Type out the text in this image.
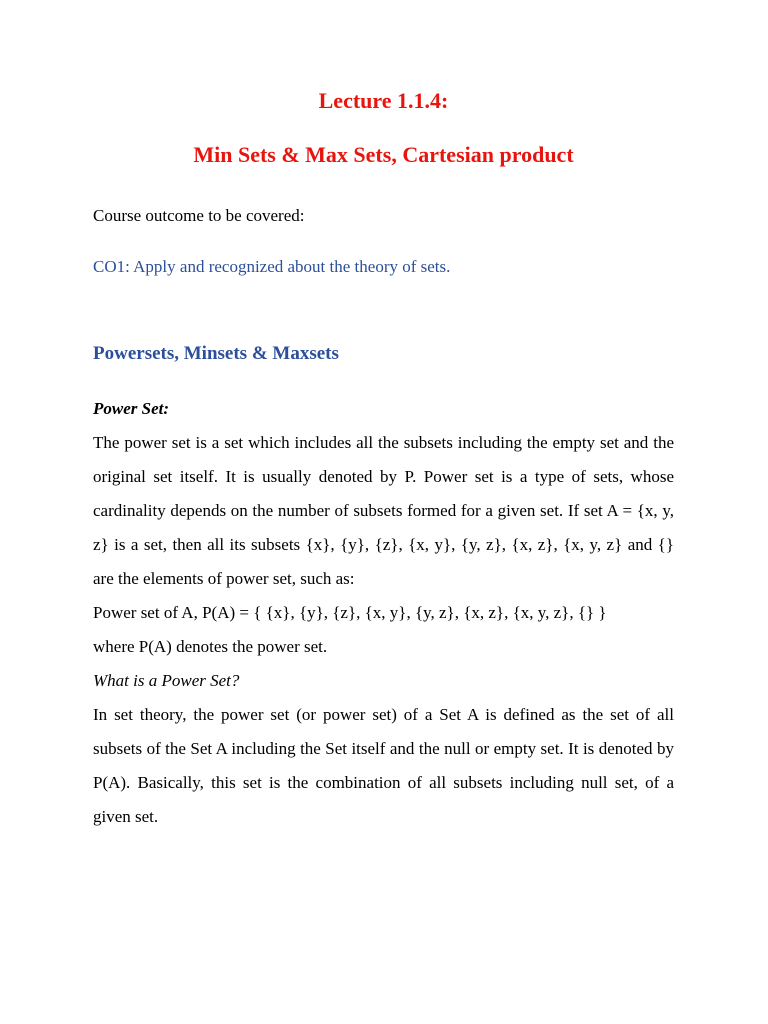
Lecture 1.1.4:

Min Sets & Max Sets, Cartesian product

Course outcome to be covered:

CO1: Apply and recognized about the theory of sets.

Powersets, Minsets & Maxsets

Power Set:

The power set is a set which includes all the subsets including the empty set and the original set itself. It is usually denoted by P. Power set is a type of sets, whose cardinality depends on the number of subsets formed for a given set. If set A = {x, y, z} is a set, then all its subsets {x}, {y}, {z}, {x, y}, {y, z}, {x, z}, {x, y, z} and {} are the elements of power set, such as:

Power set of A, P(A) = { {x}, {y}, {z}, {x, y}, {y, z}, {x, z}, {x, y, z}, {} }

where P(A) denotes the power set.

What is a Power Set?

In set theory, the power set (or power set) of a Set A is defined as the set of all subsets of the Set A including the Set itself and the null or empty set. It is denoted by P(A). Basically, this set is the combination of all subsets including null set, of a given set.
